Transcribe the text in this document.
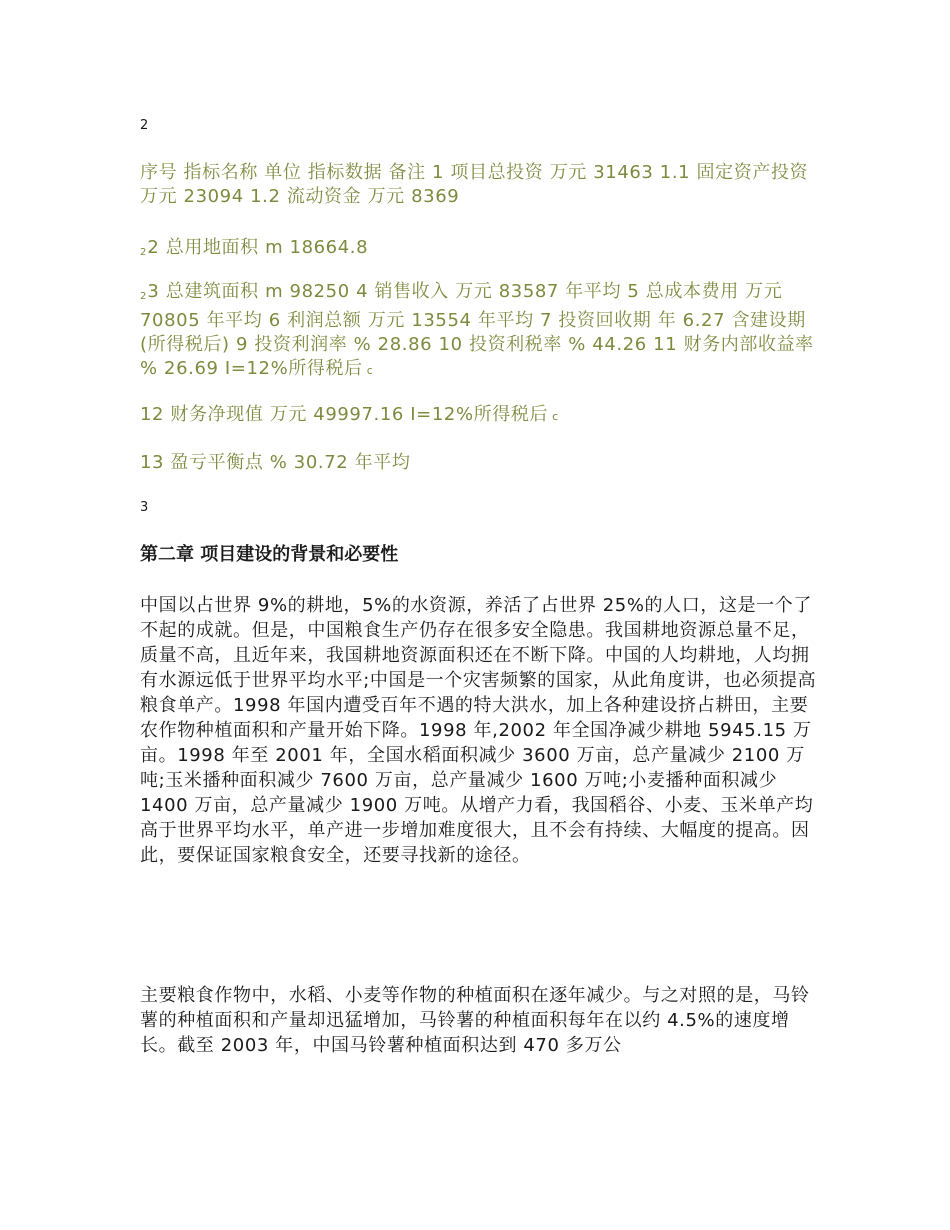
2

序号 指标名称 单位 指标数据 备注 1 项目总投资 万元 31463 1.1 固定资产投资 万元 23094 1.2 流动资金 万元 8369

$_2$2 总用地面积 m 18664.8

$_2$3 总建筑面积 m 98250 4 销售收入 万元 83587 年平均 5 总成本费用 万元 70805 年平均 6 利润总额 万元 13554 年平均 7 投资回收期 年 6.27 含建设期(所得税后) 9 投资利润率 % 28.86 10 投资利税率 % 44.26 11 财务内部收益率 % 26.69 I=12%所得税后 c

12 财务净现值 万元 49997.16 I=12%所得税后 c

13 盈亏平衡点 % 30.72 年平均

3
第二章 项目建设的背景和必要性

中国以占世界 9%的耕地，5%的水资源，养活了占世界 25%的人口，这是一个了不起的成就。但是，中国粮食生产仍存在很多安全隐患。我国耕地资源总量不足，质量不高，且近年来，我国耕地资源面积还在不断下降。中国的人均耕地，人均拥有水源远低于世界平均水平;中国是一个灾害频繁的国家，从此角度讲，也必须提高粮食单产。1998 年国内遭受百年不遇的特大洪水，加上各种建设挤占耕田，主要农作物种植面积和产量开始下降。1998 年,2002 年全国净减少耕地 5945.15 万亩。1998 年至 2001 年，全国水稻面积减少 3600 万亩，总产量减少 2100 万吨;玉米播种面积减少 7600 万亩，总产量减少 1600 万吨;小麦播种面积减少 1400 万亩，总产量减少 1900 万吨。从增产力看，我国稻谷、小麦、玉米单产均高于世界平均水平，单产进一步增加难度很大，且不会有持续、大幅度的提高。因此，要保证国家粮食安全，还要寻找新的途径。

主要粮食作物中，水稻、小麦等作物的种植面积在逐年减少。与之对照的是，马铃薯的种植面积和产量却迅猛增加，马铃薯的种植面积每年在以约 4.5%的速度增长。截至 2003 年，中国马铃薯种植面积达到 470 多万公
